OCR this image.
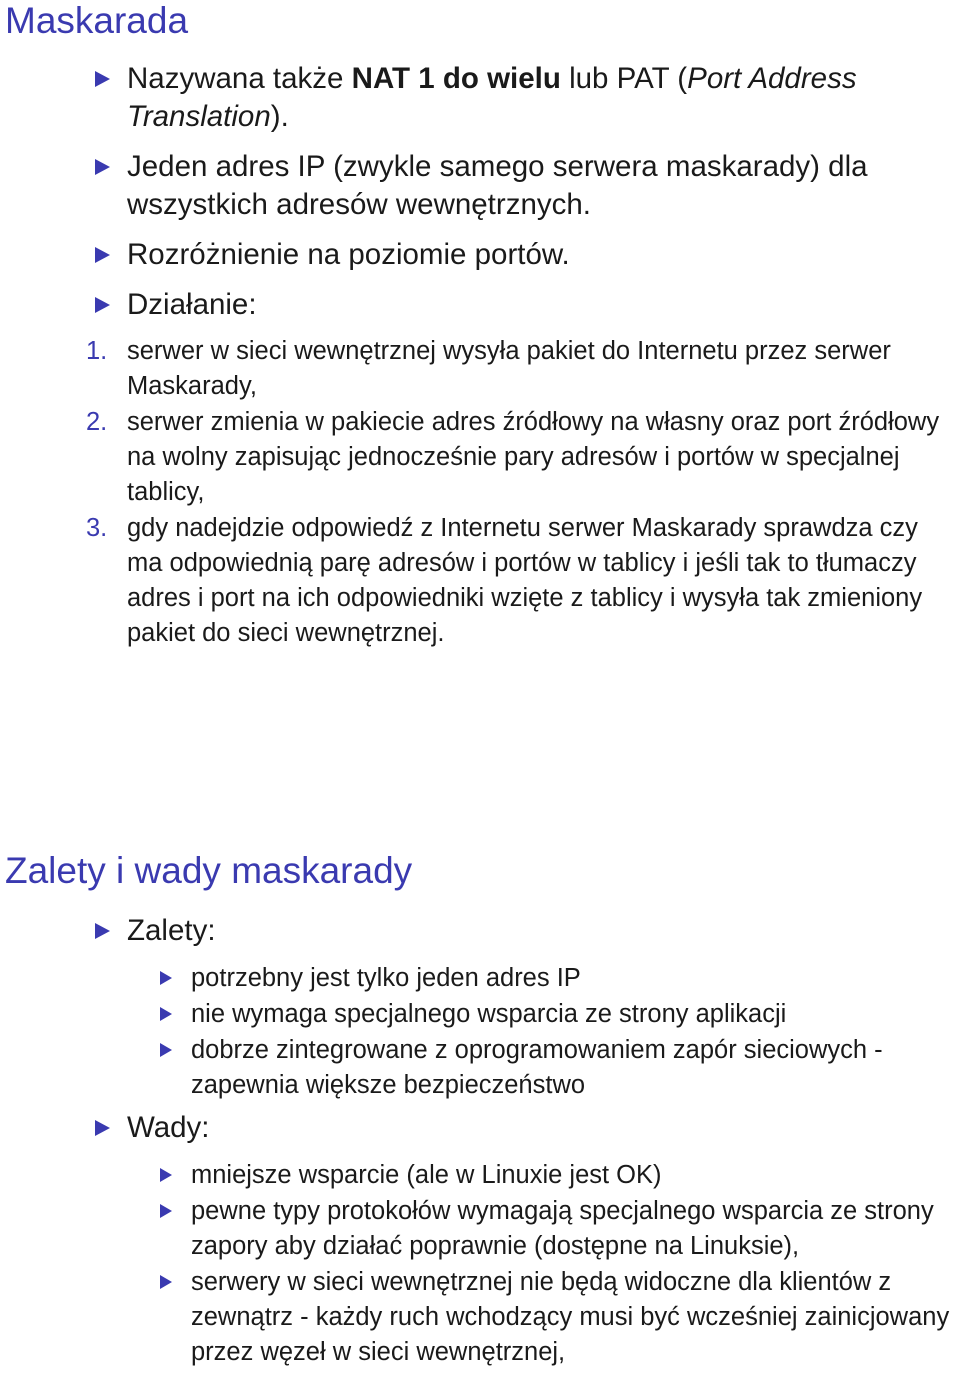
Maskarada
Nazywana także NAT 1 do wielu lub PAT (Port Address Translation).
Jeden adres IP (zwykle samego serwera maskarady) dla wszystkich adresów wewnętrznych.
Rozróżnienie na poziomie portów.
Działanie:
1. serwer w sieci wewnętrznej wysyła pakiet do Internetu przez serwer Maskarady,
2. serwer zmienia w pakiecie adres źródłowy na własny oraz port źródłowy na wolny zapisując jednocześnie pary adresów i portów w specjalnej tablicy,
3. gdy nadejdzie odpowiedź z Internetu serwer Maskarady sprawdza czy ma odpowiednią parę adresów i portów w tablicy i jeśli tak to tłumaczy adres i port na ich odpowiedniki wzięte z tablicy i wysyła tak zmieniony pakiet do sieci wewnętrznej.
Zalety i wady maskarady
Zalety:
potrzebny jest tylko jeden adres IP
nie wymaga specjalnego wsparcia ze strony aplikacji
dobrze zintegrowane z oprogramowaniem zapór sieciowych - zapewnia większe bezpieczeństwo
Wady:
mniejsze wsparcie (ale w Linuxie jest OK)
pewne typy protokołów wymagają specjalnego wsparcia ze strony zapory aby działać poprawnie (dostępne na Linuksie),
serwery w sieci wewnętrznej nie będą widoczne dla klientów z zewnątrz - każdy ruch wchodzący musi być wcześniej zainicjowany przez węzeł w sieci wewnętrznej,
